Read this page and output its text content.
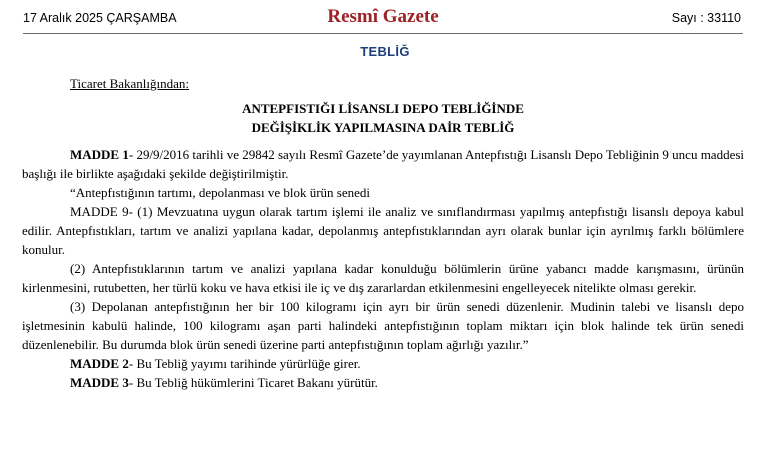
17 Aralık 2025 ÇARŞAMBA	Resmî Gazete	Sayı : 33110
TEBLİĞ
Ticaret Bakanlığından:
ANTEPFISTIĞI LİSANSLI DEPO TEBLİĞİNDE
DEĞİŞİKLİK YAPILMASINA DAİR TEBLİĞ

MADDE 1- 29/9/2016 tarihli ve 29842 sayılı Resmî Gazete’de yayımlanan Antepfıstığı Lisanslı Depo Tebliğinin 9 uncu maddesi başlığı ile birlikte aşağıdaki şekilde değiştirilmiştir.

“Antepfıstığının tartımı, depolanması ve blok ürün senedi

MADDE 9- (1) Mevzuatına uygun olarak tartım işlemi ile analiz ve sınıflandırması yapılmış antepfıstığı lisanslı depoya kabul edilir. Antepfıstıkları, tartım ve analizi yapılana kadar, depolanmış antepfıstıklarından ayrı olarak bunlar için ayrılmış farklı bölümlere konulur.

(2) Antepfıstıklarının tartım ve analizi yapılana kadar konulduğu bölümlerin ürüne yabancı madde karışmasını, ürünün kirlenmesini, rutubetten, her türlü koku ve hava etkisi ile iç ve dış zararlardan etkilenmesini engelleyecek nitelikte olması gerekir.

(3) Depolanan antepfıstığının her bir 100 kilogramı için ayrı bir ürün senedi düzenlenir. Mudinin talebi ve lisanslı depo işletmesinin kabulü halinde, 100 kilogramı aşan parti halindeki antepfıstığının toplam miktarı için blok halinde tek ürün senedi düzenlenebilir. Bu durumda blok ürün senedi üzerine parti antepfıstığının toplam ağırlığı yazılır.”

MADDE 2- Bu Tebliğ yayımı tarihinde yürürlüğe girer.

MADDE 3- Bu Tebliğ hükümlerini Ticaret Bakanı yürütür.
